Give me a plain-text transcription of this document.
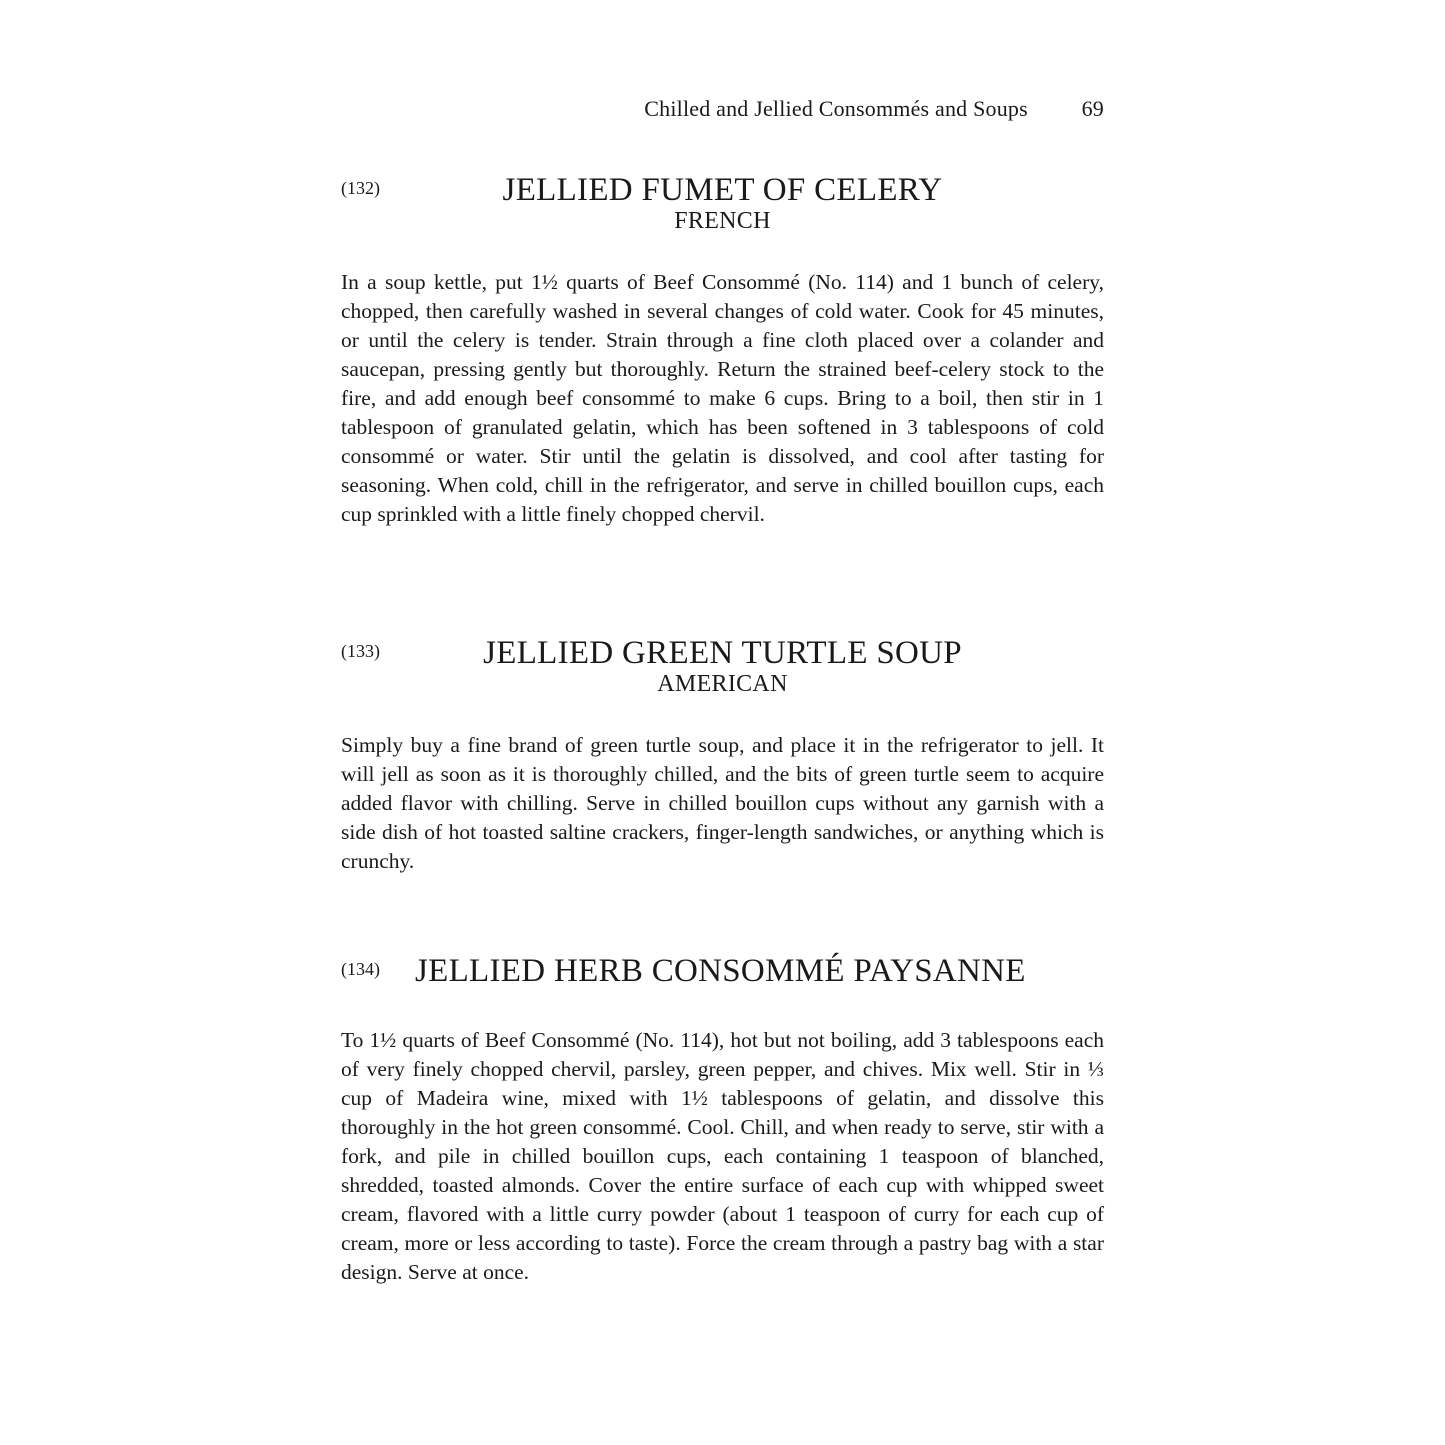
Chilled and Jellied Consommés and Soups 69
(132)	JELLIED FUMET OF CELERY

FRENCH

In a soup kettle, put 1½ quarts of Beef Consommé (No. 114) and 1 bunch of celery, chopped, then carefully washed in several changes of cold water. Cook for 45 minutes, or until the celery is tender. Strain through a fine cloth placed over a colander and saucepan, pressing gently but thoroughly. Return the strained beef-celery stock to the fire, and add enough beef consommé to make 6 cups. Bring to a boil, then stir in 1 tablespoon of granulated gelatin, which has been softened in 3 tablespoons of cold consommé or water. Stir until the gelatin is dissolved, and cool after tasting for seasoning. When cold, chill in the refrigerator, and serve in chilled bouillon cups, each cup sprinkled with a little finely chopped chervil.

(133)	JELLIED GREEN TURTLE SOUP

AMERICAN

Simply buy a fine brand of green turtle soup, and place it in the refrigerator to jell. It will jell as soon as it is thoroughly chilled, and the bits of green turtle seem to acquire added flavor with chilling. Serve in chilled bouillon cups without any garnish with a side dish of hot toasted saltine crackers, finger-length sandwiches, or anything which is crunchy.

(134)	JELLIED HERB CONSOMMÉ PAYSANNE

To 1½ quarts of Beef Consommé (No. 114), hot but not boiling, add 3 tablespoons each of very finely chopped chervil, parsley, green pepper, and chives. Mix well. Stir in ⅓ cup of Madeira wine, mixed with 1½ tablespoons of gelatin, and dissolve this thoroughly in the hot green consommé. Cool. Chill, and when ready to serve, stir with a fork, and pile in chilled bouillon cups, each containing 1 teaspoon of blanched, shredded, toasted almonds. Cover the entire surface of each cup with whipped sweet cream, flavored with a little curry powder (about 1 teaspoon of curry for each cup of cream, more or less according to taste). Force the cream through a pastry bag with a star design. Serve at once.
